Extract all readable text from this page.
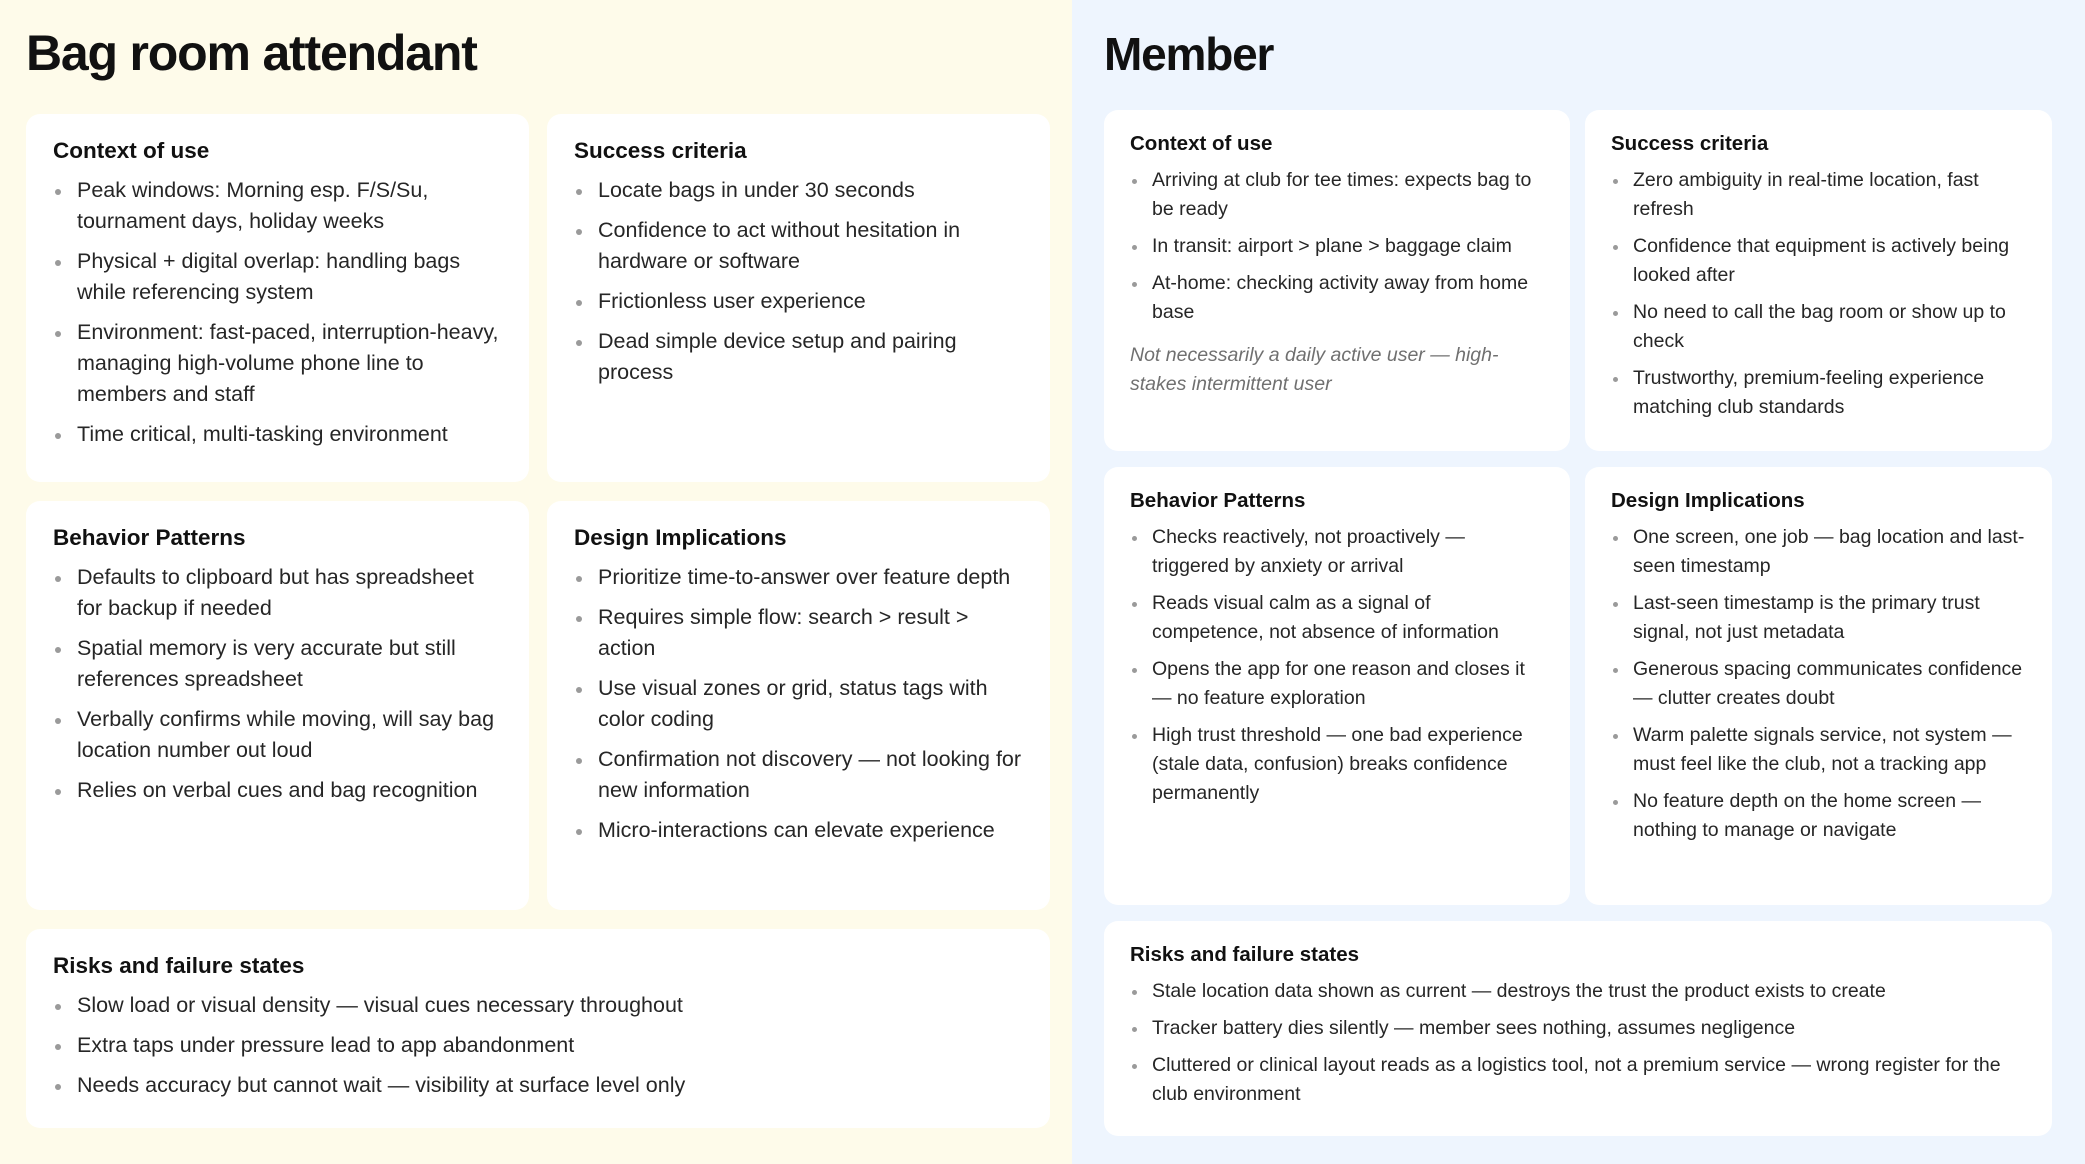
Bag room attendant
Context of use
Peak windows: Morning esp. F/S/Su, tournament days, holiday weeks
Physical + digital overlap: handling bags while referencing system
Environment: fast-paced, interruption-heavy, managing high-volume phone line to members and staff
Time critical, multi-tasking environment
Success criteria
Locate bags in under 30 seconds
Confidence to act without hesitation in hardware or software
Frictionless user experience
Dead simple device setup and pairing process
Behavior Patterns
Defaults to clipboard but has spreadsheet for backup if needed
Spatial memory is very accurate but still references spreadsheet
Verbally confirms while moving, will say bag location number out loud
Relies on verbal cues and bag recognition
Design Implications
Prioritize time-to-answer over feature depth
Requires simple flow: search > result > action
Use visual zones or grid, status tags with color coding
Confirmation not discovery — not looking for new information
Micro-interactions can elevate experience
Risks and failure states
Slow load or visual density — visual cues necessary throughout
Extra taps under pressure lead to app abandonment
Needs accuracy but cannot wait — visibility at surface level only
Member
Context of use
Arriving at club for tee times: expects bag to be ready
In transit: airport > plane > baggage claim
At-home: checking activity away from home base
Not necessarily a daily active user — high-stakes intermittent user
Success criteria
Zero ambiguity in real-time location, fast refresh
Confidence that equipment is actively being looked after
No need to call the bag room or show up to check
Trustworthy, premium-feeling experience matching club standards
Behavior Patterns
Checks reactively, not proactively — triggered by anxiety or arrival
Reads visual calm as a signal of competence, not absence of information
Opens the app for one reason and closes it — no feature exploration
High trust threshold — one bad experience (stale data, confusion) breaks confidence permanently
Design Implications
One screen, one job — bag location and last-seen timestamp
Last-seen timestamp is the primary trust signal, not just metadata
Generous spacing communicates confidence — clutter creates doubt
Warm palette signals service, not system — must feel like the club, not a tracking app
No feature depth on the home screen — nothing to manage or navigate
Risks and failure states
Stale location data shown as current — destroys the trust the product exists to create
Tracker battery dies silently — member sees nothing, assumes negligence
Cluttered or clinical layout reads as a logistics tool, not a premium service — wrong register for the club environment
